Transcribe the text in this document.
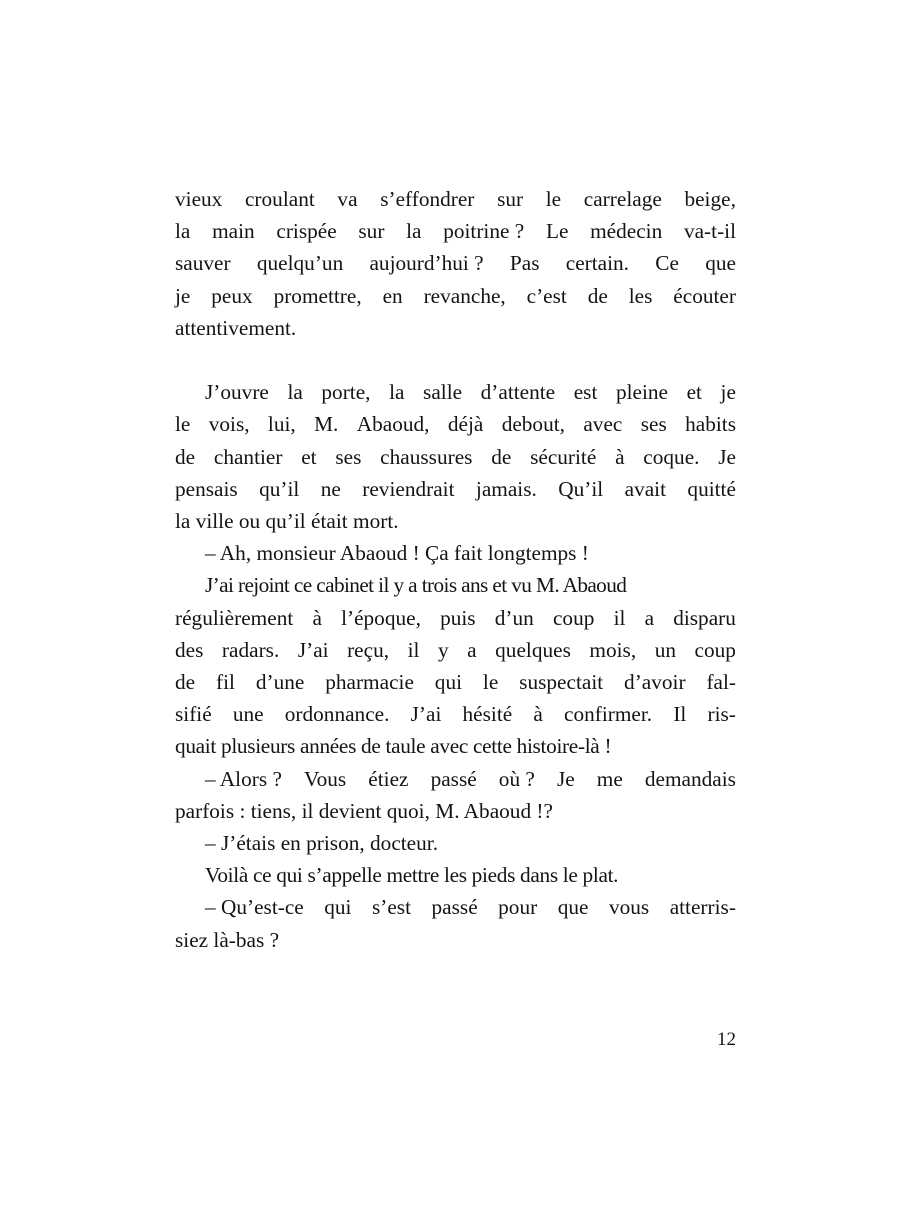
vieux croulant va s’effondrer sur le carrelage beige,
la main crispée sur la poitrine ? Le médecin va-t-il
sauver quelqu’un aujourd’hui ? Pas certain. Ce que
je peux promettre, en revanche, c’est de les écouter
attentivement.

J’ouvre la porte, la salle d’attente est pleine et je
le vois, lui, M. Abaoud, déjà debout, avec ses habits
de chantier et ses chaussures de sécurité à coque. Je
pensais qu’il ne reviendrait jamais. Qu’il avait quitté
la ville ou qu’il était mort.

– Ah, monsieur Abaoud ! Ça fait longtemps !

J’ai rejoint ce cabinet il y a trois ans et vu M. Abaoud
régulièrement à l’époque, puis d’un coup il a disparu
des radars. J’ai reçu, il y a quelques mois, un coup
de fil d’une pharmacie qui le suspectait d’avoir fal-
sifié une ordonnance. J’ai hésité à confirmer. Il ris-
quait plusieurs années de taule avec cette histoire-là !

– Alors ? Vous étiez passé où ? Je me demandais
parfois : tiens, il devient quoi, M. Abaoud !?

– J’étais en prison, docteur.

Voilà ce qui s’appelle mettre les pieds dans le plat.

– Qu’est-ce qui s’est passé pour que vous atterris-
siez là-bas ?

12
